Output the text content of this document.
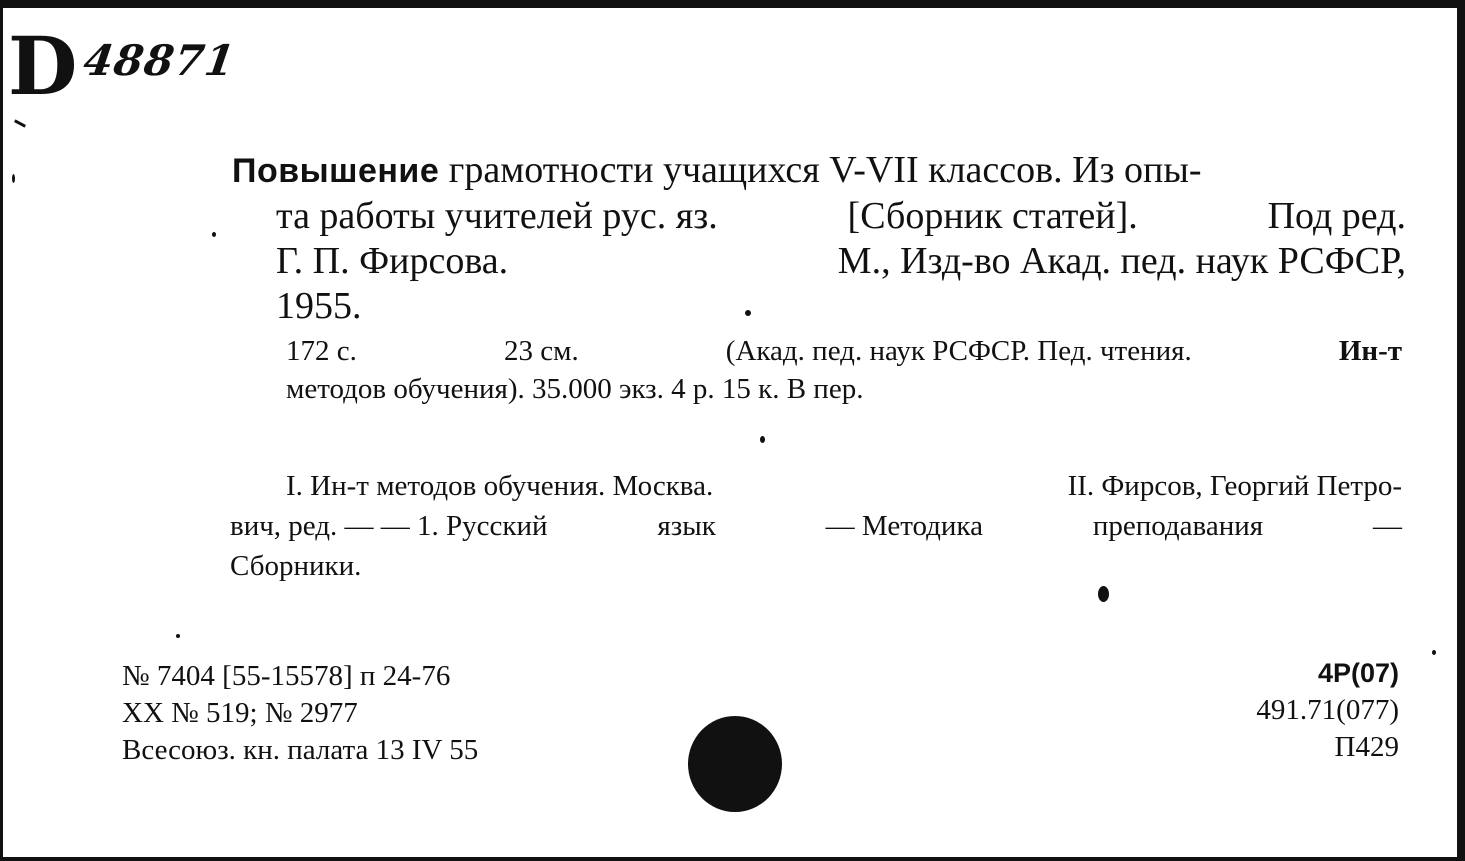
D 48871
Повышение грамотности учащихся V-VII классов. Из опы-
та работы учителей рус. яз.	[Сборник статей].	Под ред.
Г. П. Фирсова.	М., Изд-во Акад. пед. наук РСФСР,
1955.
172 с.	23 см.	(Акад. пед. наук РСФСР. Пед. чтения.	Ин-т
методов обучения). 35.000 экз. 4 р. 15 к. В пер.
I. Ин-т методов обучения. Москва.	II. Фирсов, Георгий Петро-
вич, ред. — — 1. Русский	язык	— Методика	преподавания	—
Сборники.
№ 7404 [55-15578] п 24-76
XX № 519; № 2977
Всесоюз. кн. палата 13 IV 55
4P(07)
491.71(077)
П429
